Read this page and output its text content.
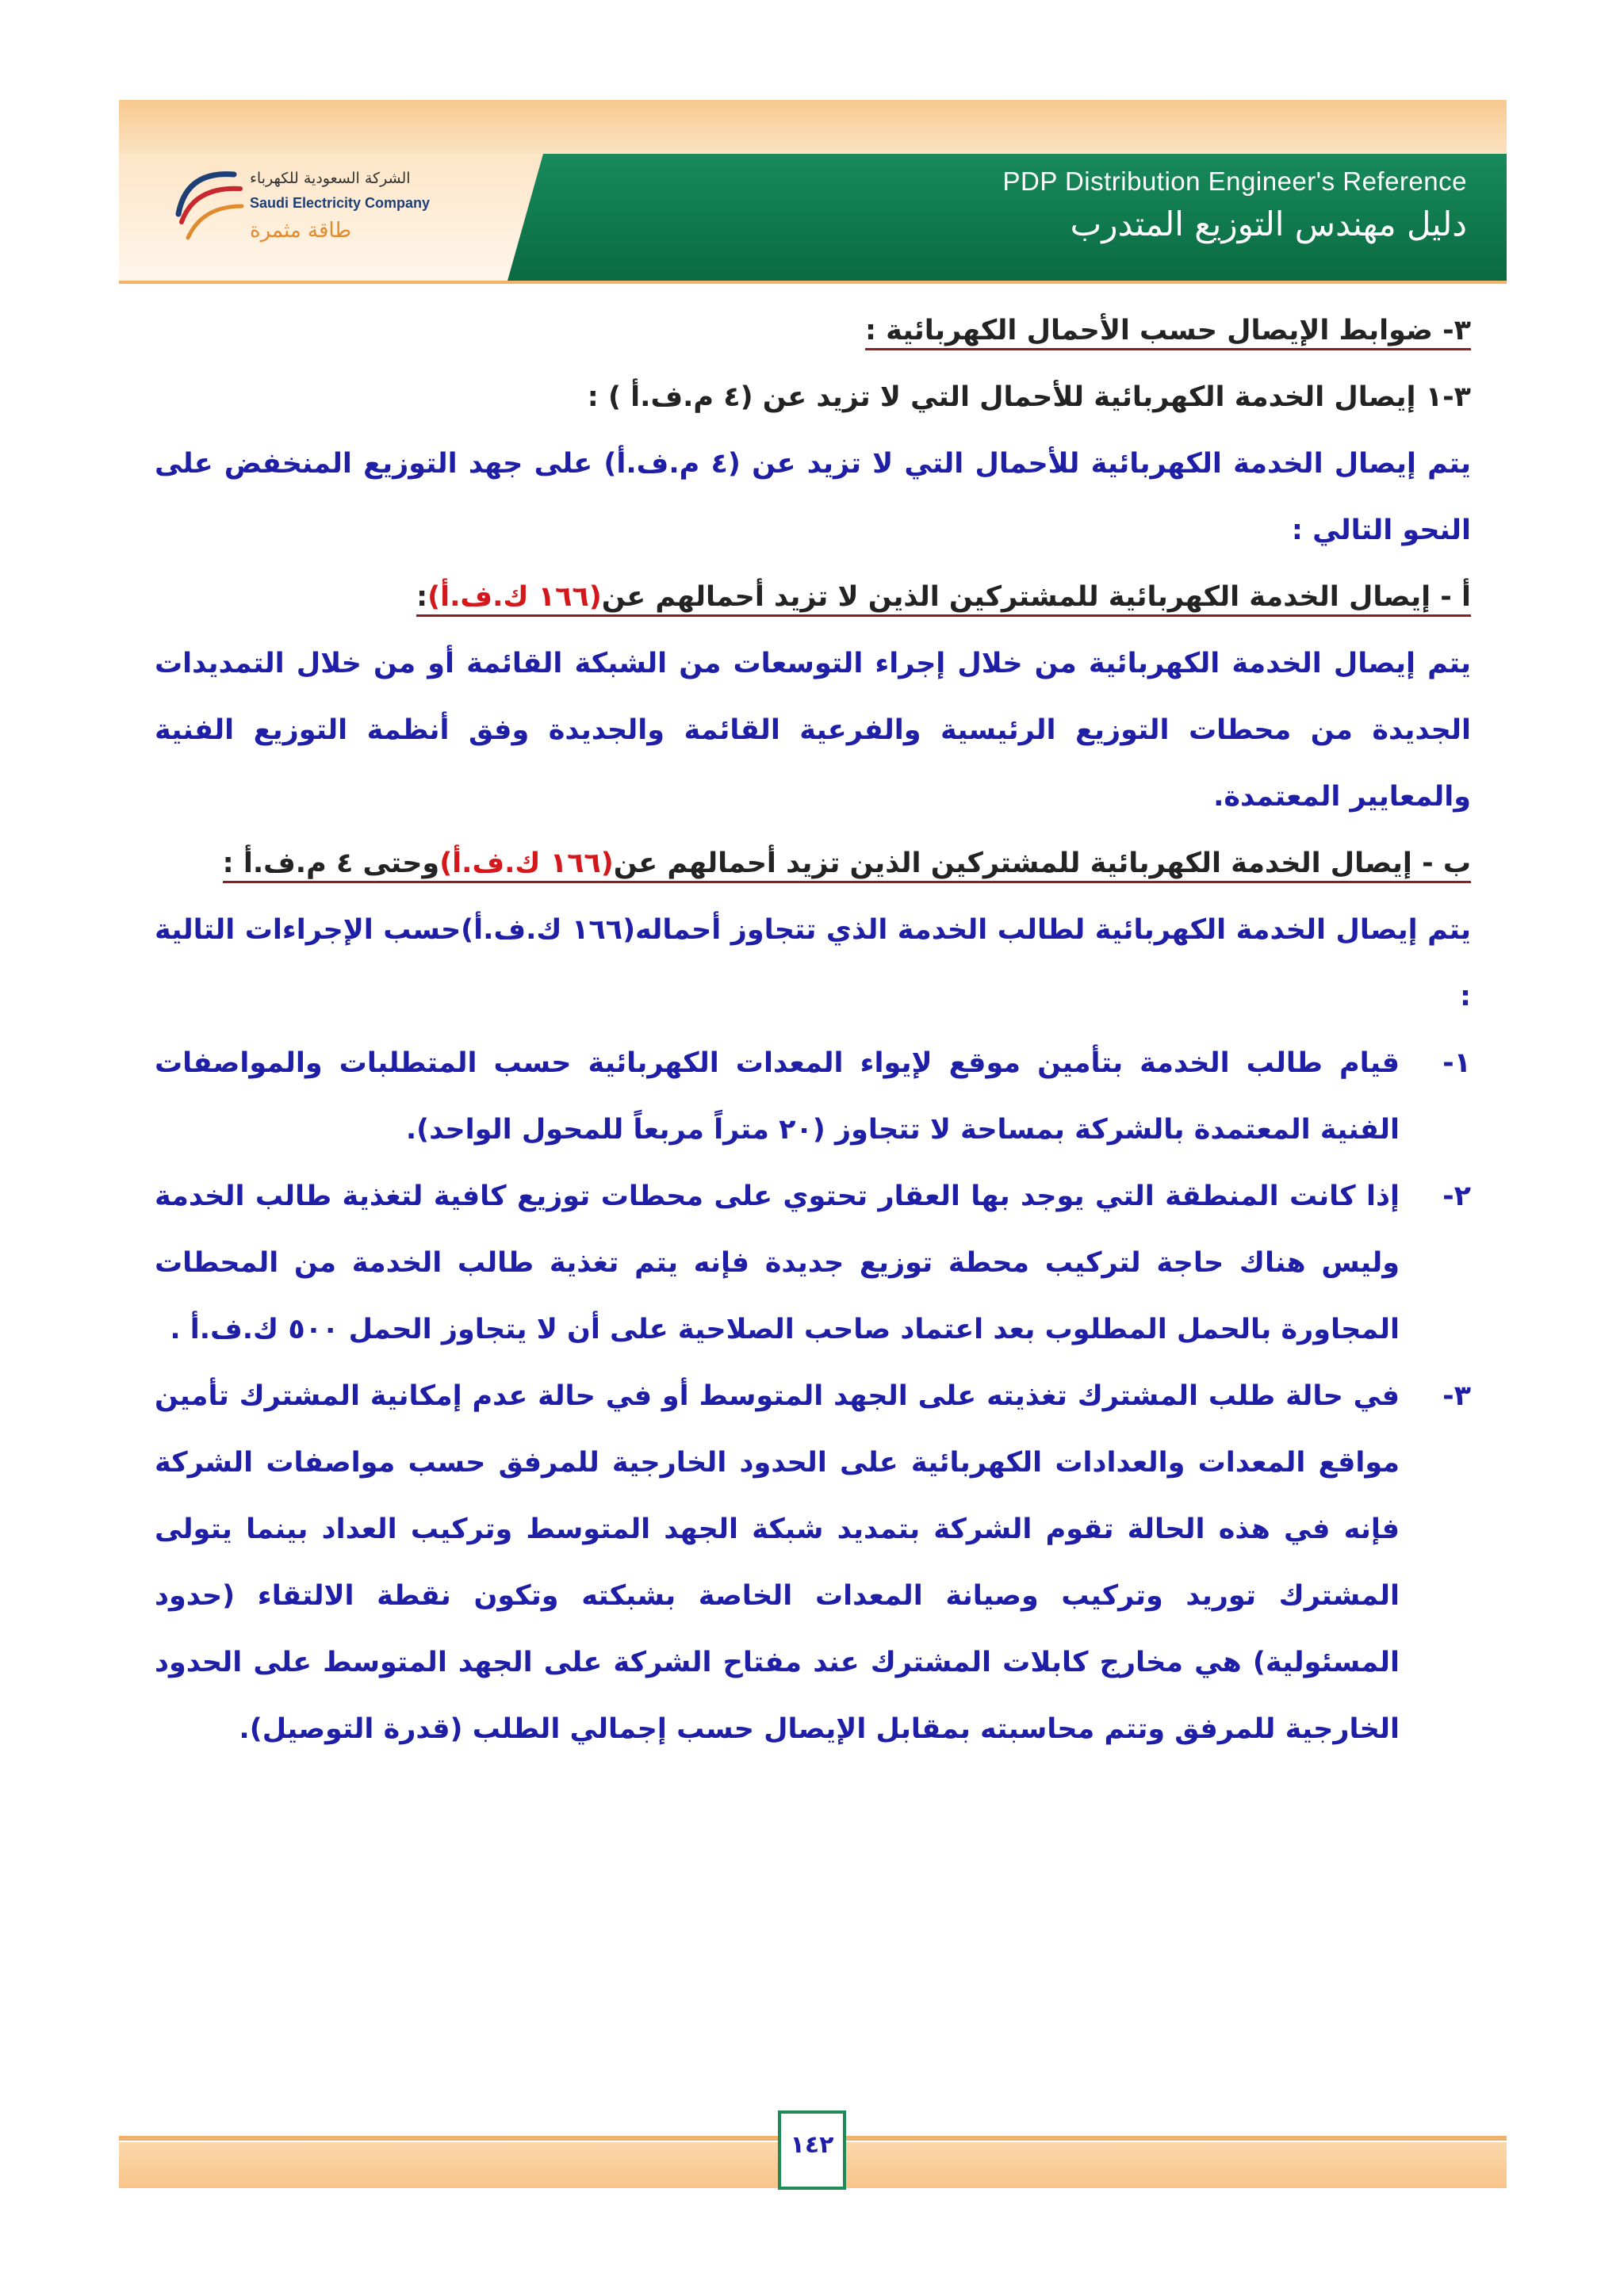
PDP Distribution Engineer's Reference
دليل مهندس التوزيع المتدرب
الشركة السعودية للكهرباء
Saudi Electricity Company
طاقة مثمرة

٣- ضوابط الإيصال حسب الأحمال الكهربائية :

٣-١ إيصال الخدمة الكهربائية للأحمال التي لا تزيد عن (٤ م.ف.أ ) :

يتم إيصال الخدمة الكهربائية للأحمال التي لا تزيد عن (٤ م.ف.أ) على جهد التوزيع المنخفض على النحو التالي :

أ - إيصال الخدمة الكهربائية للمشتركين الذين لا تزيد أحمالهم عن(١٦٦ ك.ف.أ):

يتم إيصال الخدمة الكهربائية من خلال إجراء التوسعات من الشبكة القائمة أو من خلال التمديدات الجديدة من محطات التوزيع الرئيسية والفرعية القائمة والجديدة وفق أنظمة التوزيع الفنية والمعايير المعتمدة.

ب - إيصال الخدمة الكهربائية للمشتركين الذين تزيد أحمالهم عن(١٦٦ ك.ف.أ)وحتى ٤ م.ف.أ :

يتم إيصال الخدمة الكهربائية لطالب الخدمة الذي تتجاوز أحماله(١٦٦ ك.ف.أ)حسب الإجراءات التالية :

١-
قيام طالب الخدمة بتأمين موقع لإيواء المعدات الكهربائية حسب المتطلبات والمواصفات الفنية المعتمدة بالشركة بمساحة لا تتجاوز (٢٠ متراً مربعاً للمحول الواحد).
٢-
إذا كانت المنطقة التي يوجد بها العقار تحتوي على محطات توزيع كافية لتغذية طالب الخدمة وليس هناك حاجة لتركيب محطة توزيع جديدة فإنه يتم تغذية طالب الخدمة من المحطات المجاورة بالحمل المطلوب بعد اعتماد صاحب الصلاحية على أن لا يتجاوز الحمل ٥٠٠ ك.ف.أ .
٣-
في حالة طلب المشترك تغذيته على الجهد المتوسط أو في حالة عدم إمكانية المشترك تأمين مواقع المعدات والعدادات الكهربائية على الحدود الخارجية للمرفق حسب مواصفات الشركة فإنه في هذه الحالة تقوم الشركة بتمديد شبكة الجهد المتوسط وتركيب العداد بينما يتولى المشترك توريد وتركيب وصيانة المعدات الخاصة بشبكته وتكون نقطة الالتقاء (حدود المسئولية) هي مخارج كابلات المشترك عند مفتاح الشركة على الجهد المتوسط على الحدود الخارجية للمرفق وتتم محاسبته بمقابل الإيصال حسب إجمالي الطلب (قدرة التوصيل).
١٤٢
